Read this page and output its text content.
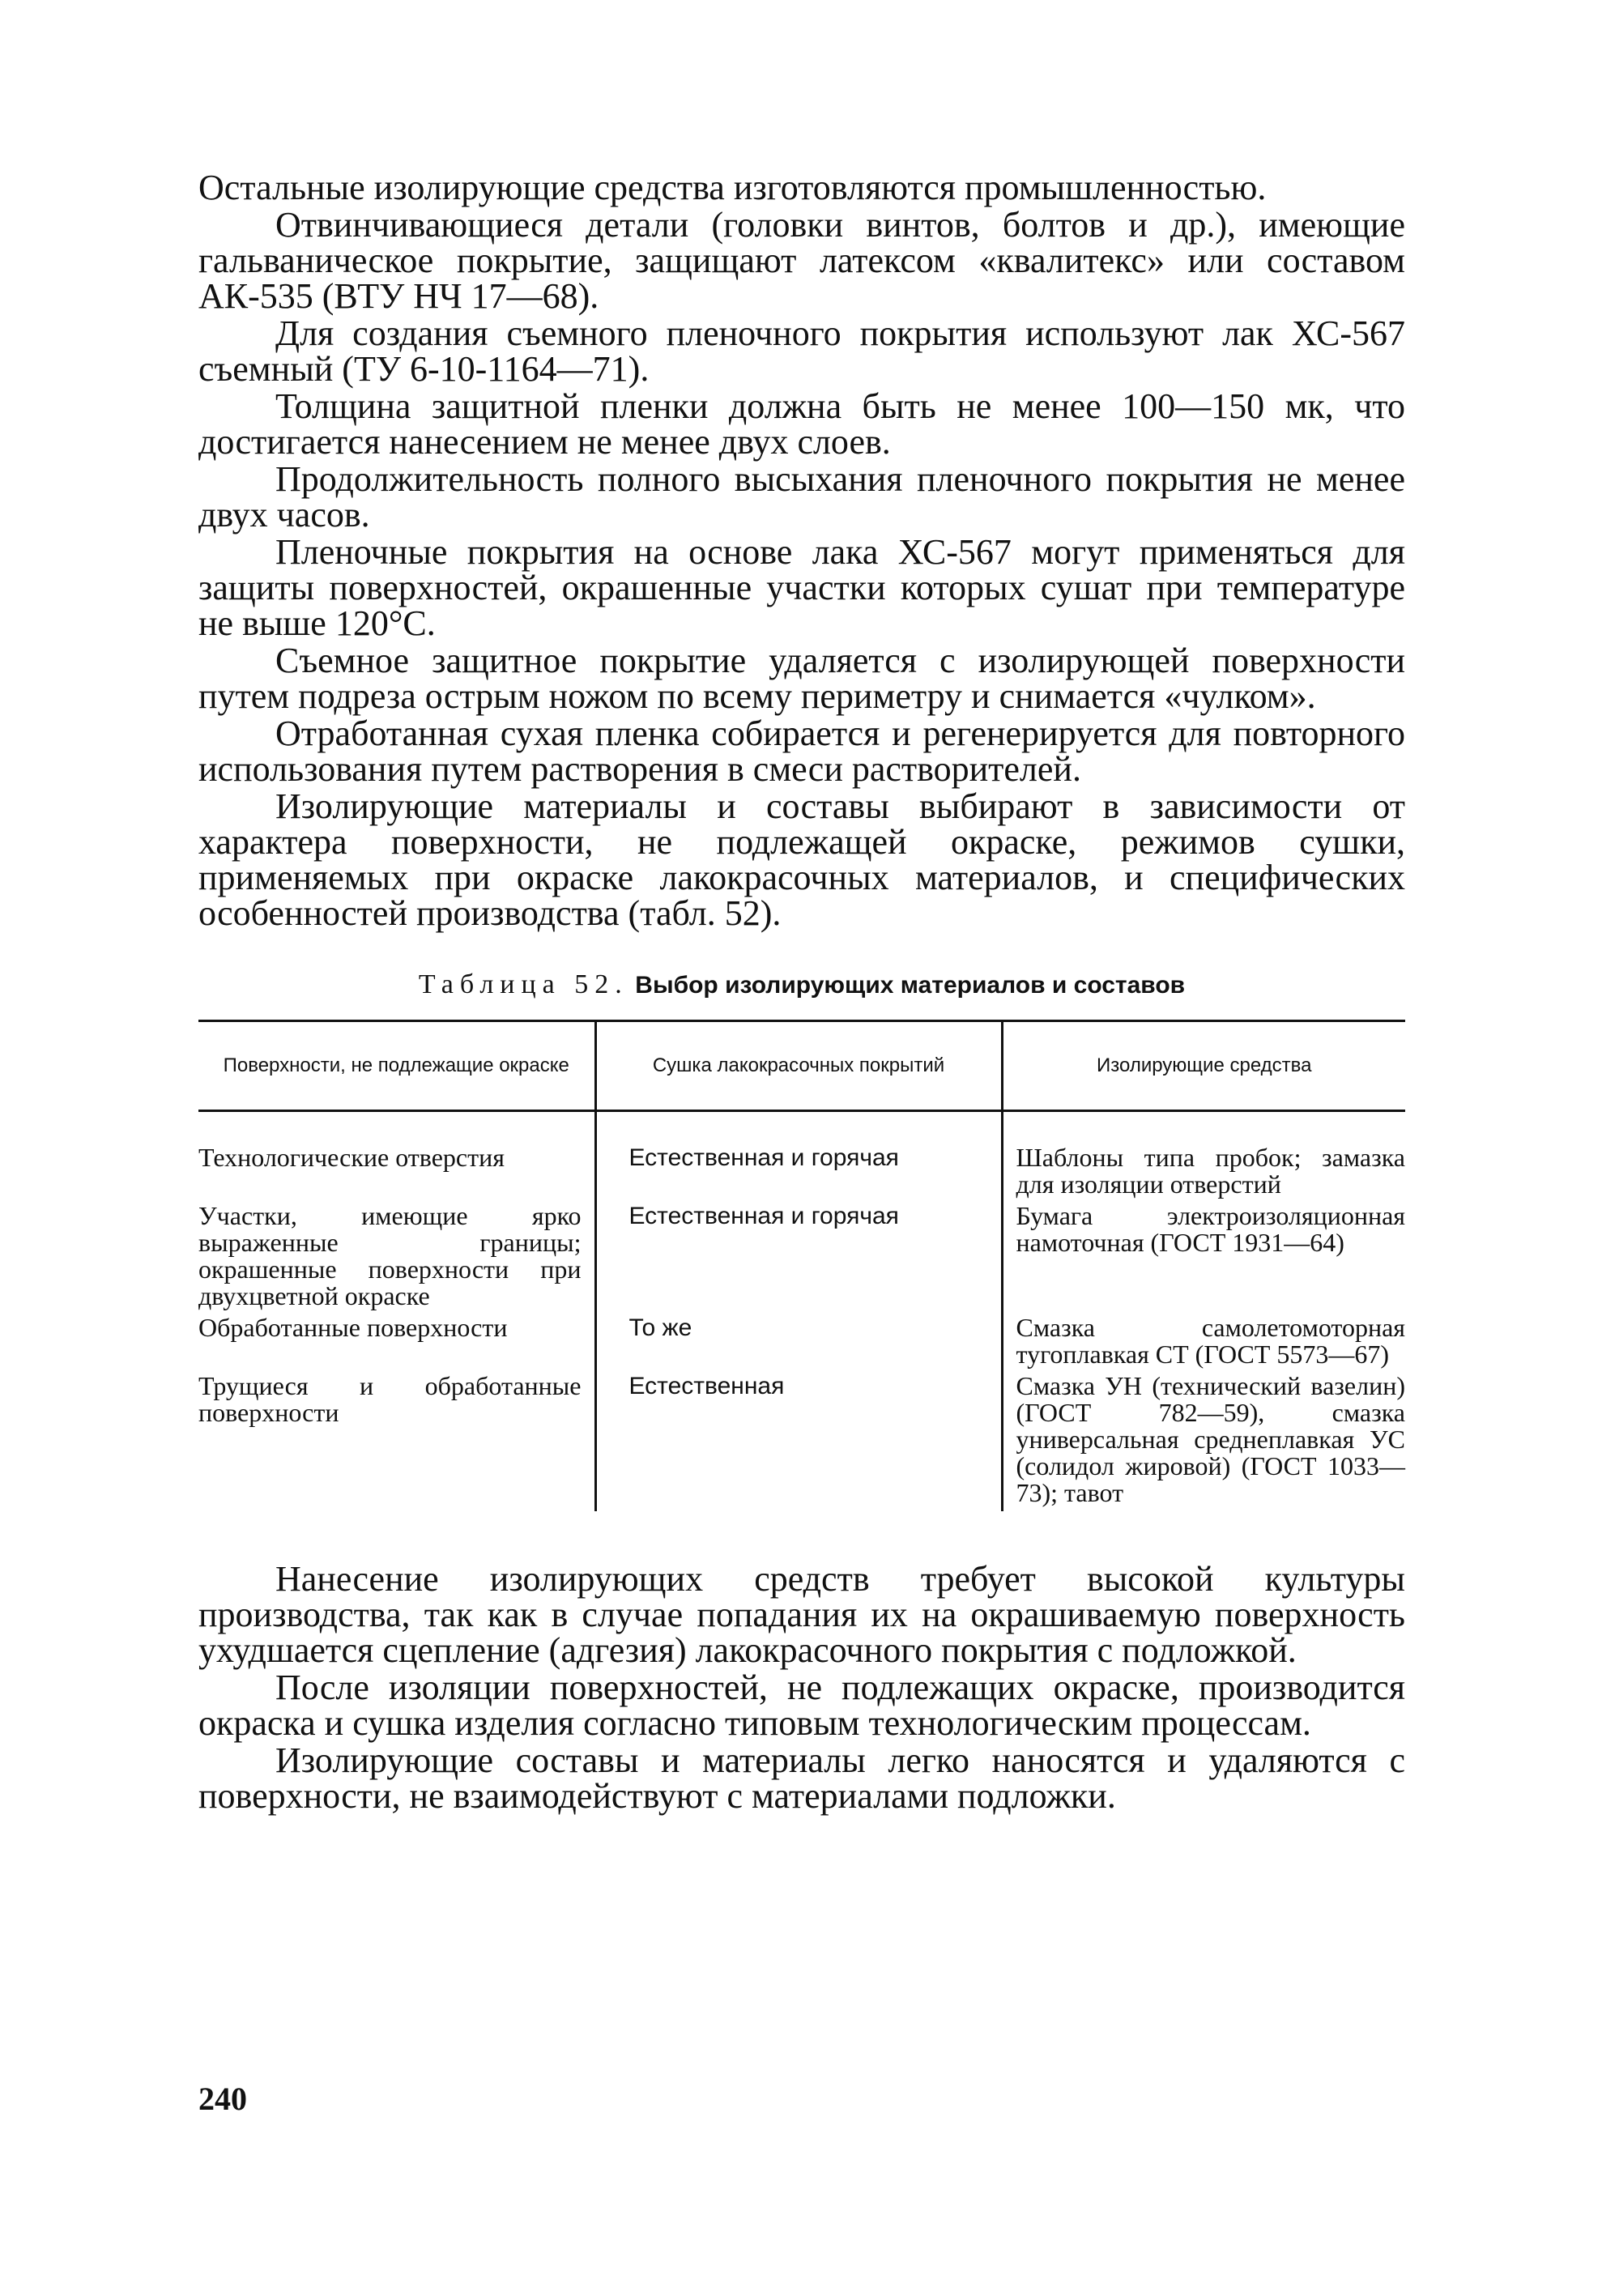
Остальные изолирующие средства изготовляются промышленностью.

Отвинчивающиеся детали (головки винтов, болтов и др.), имеющие гальваническое покрытие, защищают латексом «квалитекс» или составом АК-535 (ВТУ НЧ 17—68).

Для создания съемного пленочного покрытия используют лак ХС-567 съемный (ТУ 6-10-1164—71).

Толщина защитной пленки должна быть не менее 100—150 мк, что достигается нанесением не менее двух слоев.

Продолжительность полного высыхания пленочного покрытия не менее двух часов.

Пленочные покрытия на основе лака ХС-567 могут применяться для защиты поверхностей, окрашенные участки которых сушат при температуре не выше 120°С.

Съемное защитное покрытие удаляется с изолирующей поверхности путем подреза острым ножом по всему периметру и снимается «чулком».

Отработанная сухая пленка собирается и регенерируется для повторного использования путем растворения в смеси растворителей.

Изолирующие материалы и составы выбирают в зависимости от характера поверхности, не подлежащей окраске, режимов сушки, применяемых при окраске лакокрасочных материалов, и специфических особенностей производства (табл. 52).

Таблица 52. Выбор изолирующих материалов и составов
Поверхности, не подлежащие окраске	Сушка лакокрасочных покрытий	Изолирующие средства
Технологические отверстия	Естественная и горячая	Шаблоны типа пробок; замазка для изоляции отверстий
Участки, имеющие ярко выраженные границы; окрашенные поверхности при двухцветной окраске	Естественная и горячая	Бумага электроизоляционная намоточная (ГОСТ 1931—64)
Обработанные поверхности	То же	Смазка самолетомоторная тугоплавкая СТ (ГОСТ 5573—67)
Трущиеся и обработанные поверхности	Естественная	Смазка УН (технический вазелин) (ГОСТ 782—59), смазка универсальная среднеплавкая УС (солидол жировой) (ГОСТ 1033—73); тавот

Нанесение изолирующих средств требует высокой культуры производства, так как в случае попадания их на окрашиваемую поверхность ухудшается сцепление (адгезия) лакокрасочного покрытия с подложкой.

После изоляции поверхностей, не подлежащих окраске, производится окраска и сушка изделия согласно типовым технологическим процессам.

Изолирующие составы и материалы легко наносятся и удаляются с поверхности, не взаимодействуют с материалами подложки.

240
